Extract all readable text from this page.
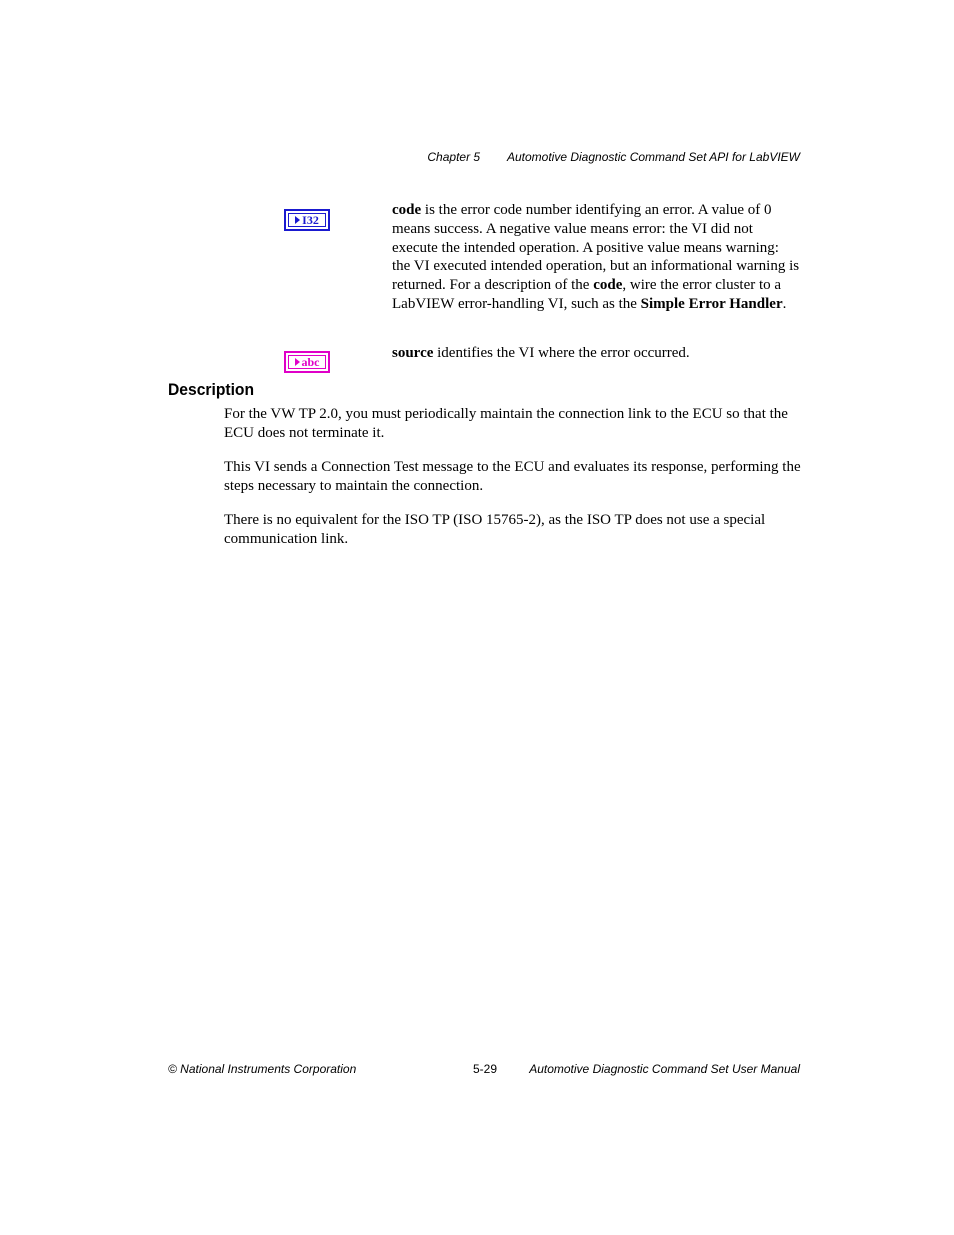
Chapter 5 Automotive Diagnostic Command Set API for LabVIEW
I32
code is the error code number identifying an error. A value of 0 means success. A negative value means error: the VI did not execute the intended operation. A positive value means warning: the VI executed intended operation, but an informational warning is returned. For a description of the code, wire the error cluster to a LabVIEW error-handling VI, such as the Simple Error Handler.
abc
source identifies the VI where the error occurred.
Description

For the VW TP 2.0, you must periodically maintain the connection link to the ECU so that the ECU does not terminate it.

This VI sends a Connection Test message to the ECU and evaluates its response, performing the steps necessary to maintain the connection.

There is no equivalent for the ISO TP (ISO 15765-2), as the ISO TP does not use a special communication link.

© National Instruments Corporation	5-29	Automotive Diagnostic Command Set User Manual
